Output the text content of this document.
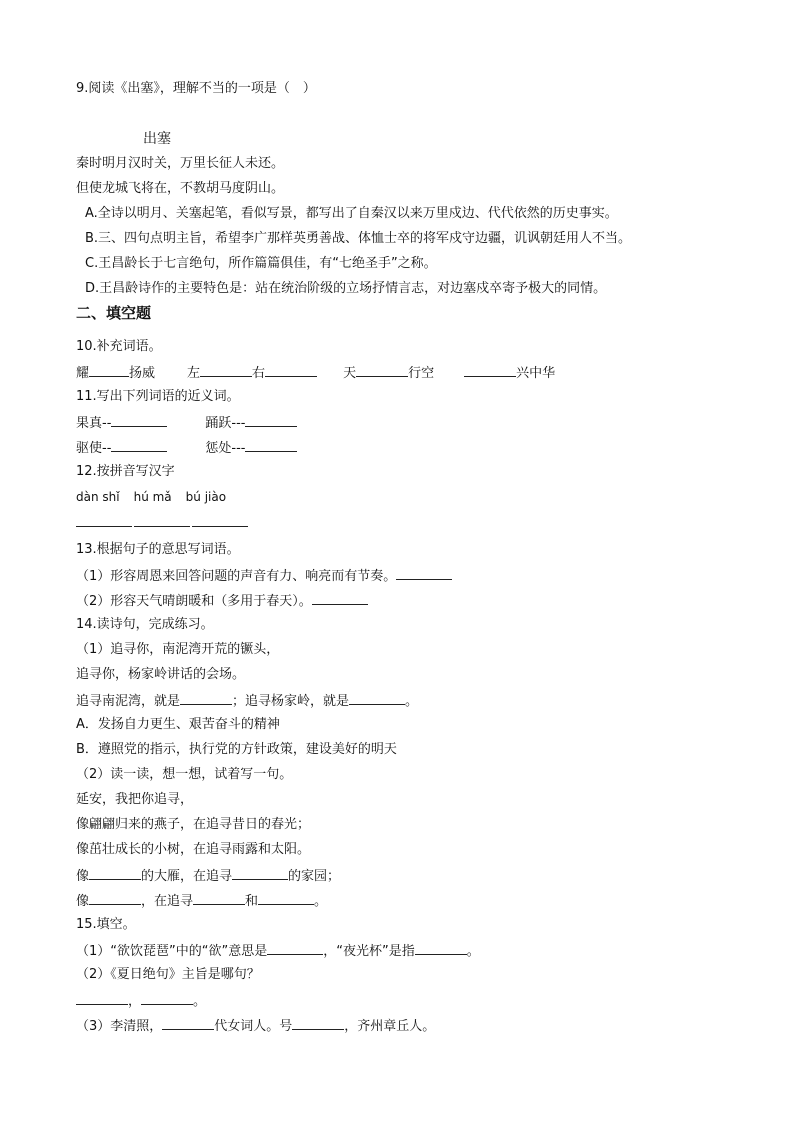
9.阅读《出塞》，理解不当的一项是（　）
出塞
秦时明月汉时关，万里长征人未还。
但使龙城飞将在，不教胡马度阴山。
A.全诗以明月、关塞起笔，看似写景，都写出了自秦汉以来万里戍边、代代依然的历史事实。
B.三、四句点明主旨，希望李广那样英勇善战、体恤士卒的将军戍守边疆，讥讽朝廷用人不当。
C.王昌龄长于七言绝句，所作篇篇俱佳，有“七绝圣手”之称。
D.王昌龄诗作的主要特色是：站在统治阶级的立场抒情言志，对边塞戍卒寄予极大的同情。
二、填空题
10.补充词语。
耀	扬威 左	右	天	行空	兴中华
11.写出下列词语的近义词。
果真--	踊跃---
驱使--	惩处---
12.按拼音写汉字
dàn shǐ hú mǎ bú jiào
13.根据句子的意思写词语。
（1）形容周恩来回答问题的声音有力、响亮而有节奏。
（2）形容天气晴朗暖和（多用于春天）。
14.读诗句，完成练习。
（1）追寻你，南泥湾开荒的镢头，
追寻你，杨家岭讲话的会场。
追寻南泥湾，就是	；追寻杨家岭，就是	。
A．发扬自力更生、艰苦奋斗的精神
B．遵照党的指示，执行党的方针政策，建设美好的明天
（2）读一读，想一想，试着写一句。
延安，我把你追寻，
像翩翩归来的燕子，在追寻昔日的春光；
像茁壮成长的小树，在追寻雨露和太阳。
像	的大雁，在追寻	的家园；
像	，在追寻	和	。
15.填空。
（1）“欲饮琵琶”中的“欲”意思是	，“夜光杯”是指	。
（2）《夏日绝句》主旨是哪句？
，	。
（3）李清照，	代女词人。号	，齐州章丘人。
